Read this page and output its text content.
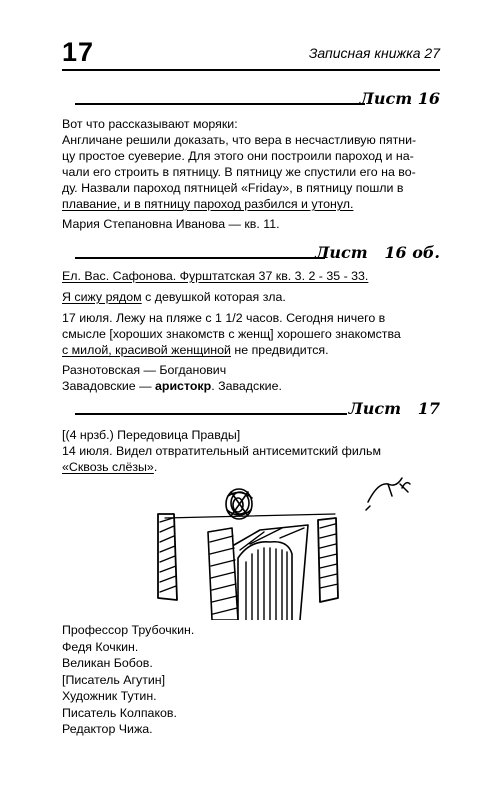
17	Записная книжка 27
Лист 16

Вот что рассказывают моряки:

Англичане решили доказать, что вера в несчастливую пятни-

цу простое суеверие. Для этого они построили пароход и на-

чали его строить в пятницу. В пятницу же спустили его на во-

ду. Назвали пароход пятницей «Friday», в пятницу пошли в

плавание, и в пятницу пароход разбился и утонул.

Мария Степановна Иванова — кв. 11.

Лист   16 об.

Ел. Вас. Сафонова. Фурштатская 37 кв. 3. 2 - 35 - 33.

Я сижу рядом с девушкой которая зла.

17 июля. Лежу на пляже с 1 1/2 часов. Сегодня ничего в

смысле [хороших знакомств с женщ] хорошего знакомства

с милой, красивой женщиной не предвидится.

Разнотовская — Богданович

Завадовские — аристокр. Завадские.

Лист   17

[(4 нрзб.) Передовица Правды]

14 июля. Видел отвратительный антисемитский фильм

«Сквозь слёзы».

Профессор Трубочкин.
Федя Кочкин.
Великан Бобов.
[Писатель Агутин]
Художник Тутин.
Писатель Колпаков.
Редактор Чижа.
